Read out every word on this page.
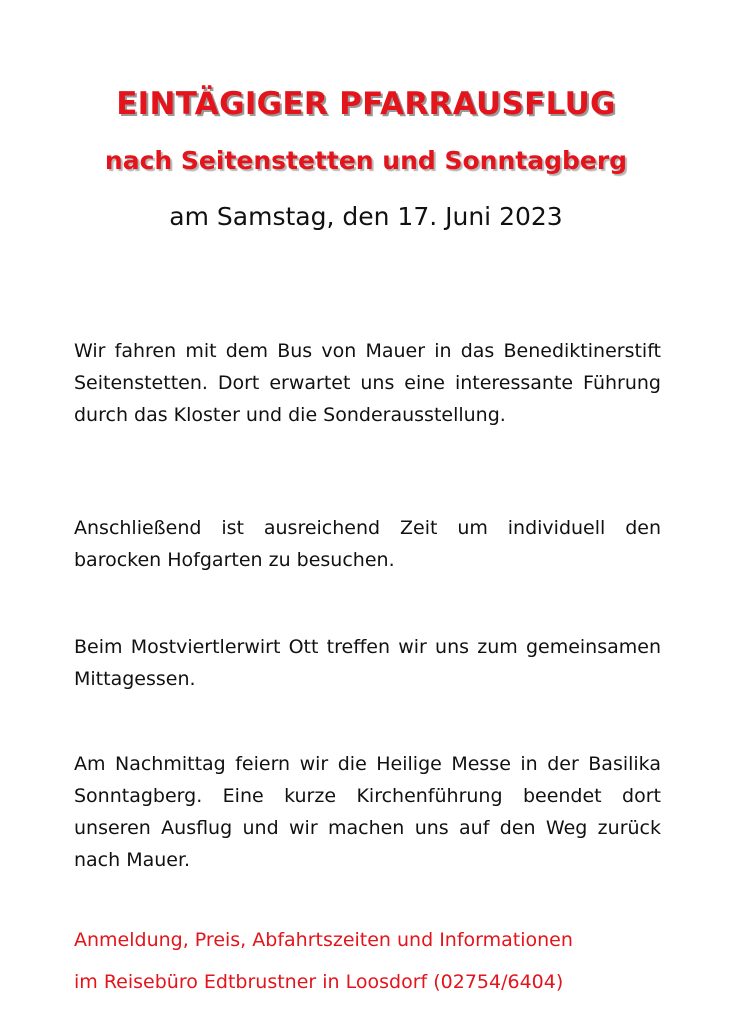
EINTÄGIGER PFARRAUSFLUG
nach Seitenstetten und Sonntagberg

am Samstag, den 17. Juni 2023

Wir fahren mit dem Bus von Mauer in das Benediktinerstift Seitenstetten. Dort erwartet uns eine interessante Führung durch das Kloster und die Sonderausstellung.

Anschließend ist ausreichend Zeit um individuell den barocken Hofgarten zu besuchen.

Beim Mostviertlerwirt Ott treffen wir uns zum gemeinsamen Mittagessen.

Am Nachmittag feiern wir die Heilige Messe in der Basilika Sonntagberg. Eine kurze Kirchenführung beendet dort unseren Ausflug und wir machen uns auf den Weg zurück nach Mauer.

Anmeldung, Preis, Abfahrtszeiten und Informationen

im Reisebüro Edtbrustner in Loosdorf (02754/6404)
